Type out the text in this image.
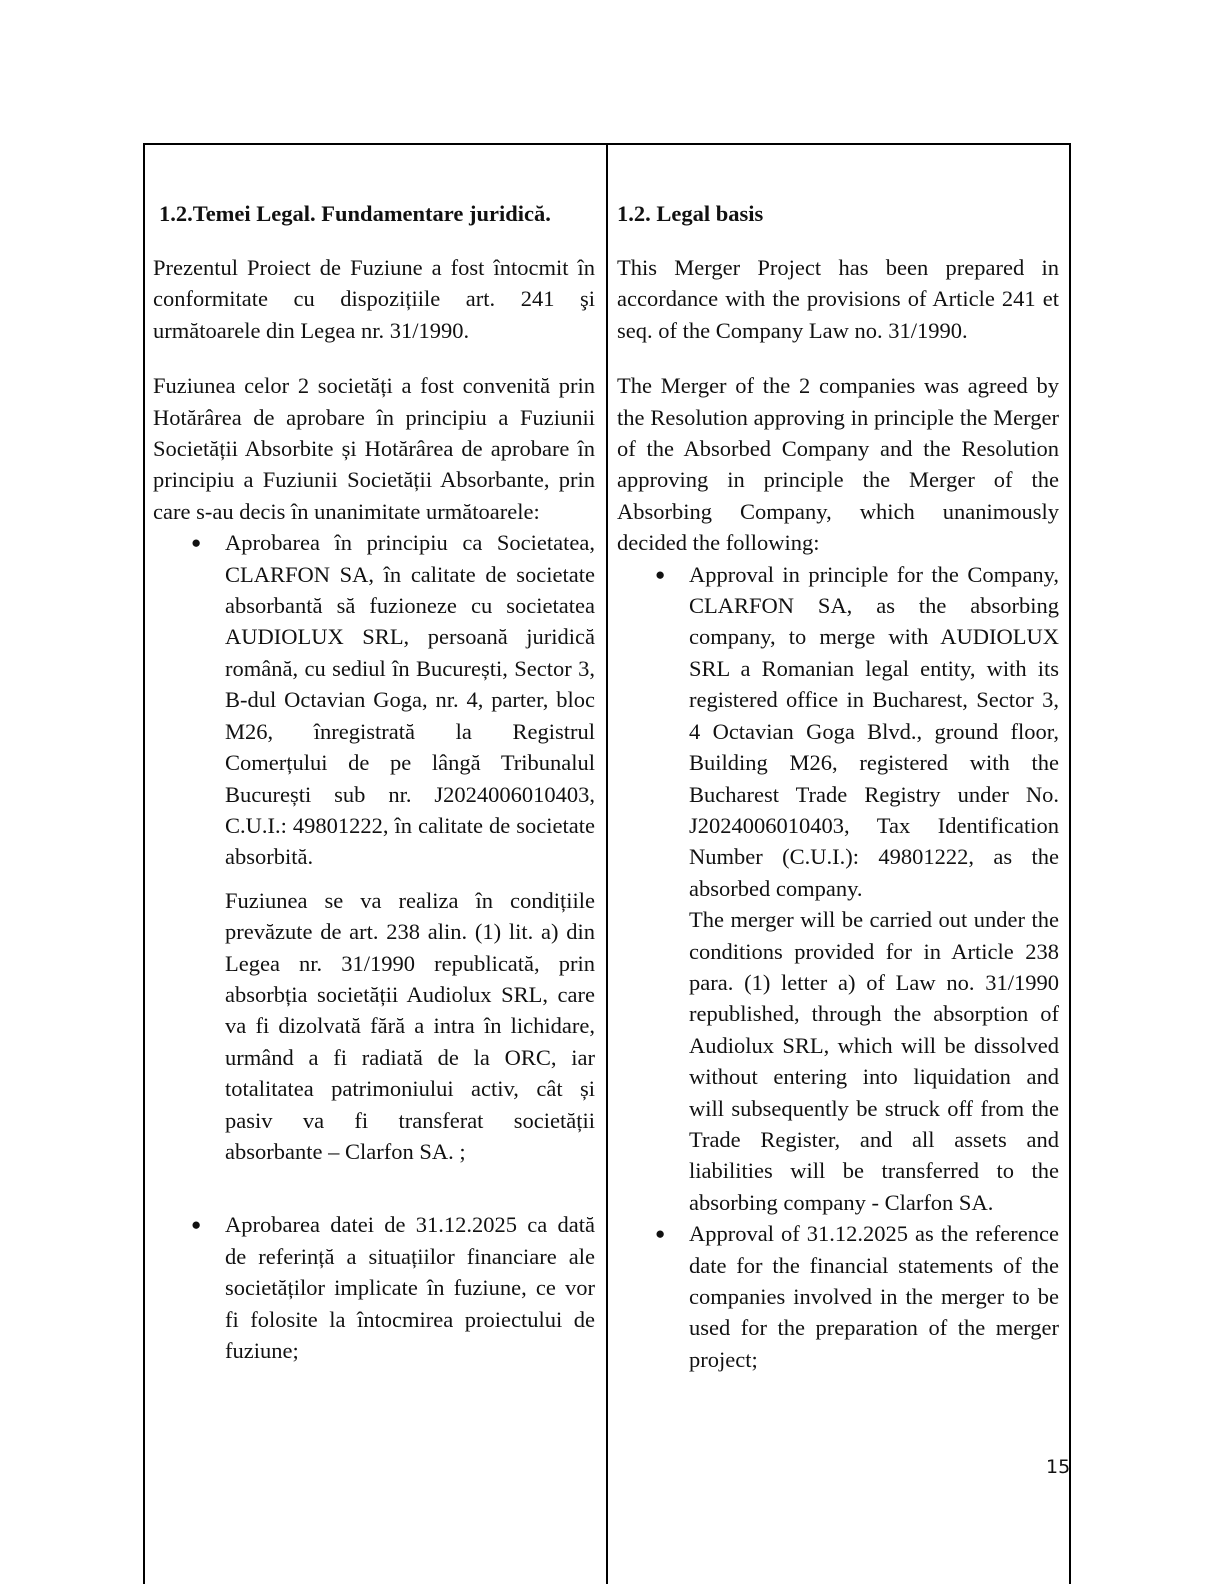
1.2.Temei Legal. Fundamentare juridică.

Prezentul Proiect de Fuziune a fost întocmit în conformitate cu dispozițiile art. 241 şi următoarele din Legea nr. 31/1990.

Fuziunea celor 2 societăți a fost convenită prin Hotărârea de aprobare în principiu a Fuziunii Societății Absorbite și Hotărârea de aprobare în principiu a Fuziunii Societății Absorbante, prin care s-au decis în unanimitate următoarele:

● Aprobarea în principiu ca Societatea, CLARFON SA, în calitate de societate absorbantă să fuzioneze cu societatea AUDIOLUX SRL, persoană juridică română, cu sediul în București, Sector 3, B-dul Octavian Goga, nr. 4, parter, bloc M26, înregistrată la Registrul Comerțului de pe lângă Tribunalul București sub nr. J2024006010403, C.U.I.: 49801222, în calitate de societate absorbită.

Fuziunea se va realiza în condițiile prevăzute de art. 238 alin. (1) lit. a) din Legea nr. 31/1990 republicată, prin absorbția societății Audiolux SRL, care va fi dizolvată fără a intra în lichidare, urmând a fi radiată de la ORC, iar totalitatea patrimoniului activ, cât și pasiv va fi transferat societății absorbante – Clarfon SA. ;

● Aprobarea datei de 31.12.2025 ca dată de referință a situațiilor financiare ale societăților implicate în fuziune, ce vor fi folosite la întocmirea proiectului de fuziune;

1.2. Legal basis

This Merger Project has been prepared in accordance with the provisions of Article 241 et seq. of the Company Law no. 31/1990.

The Merger of the 2 companies was agreed by the Resolution approving in principle the Merger of the Absorbed Company and the Resolution approving in principle the Merger of the Absorbing Company, which unanimously decided the following:

● Approval in principle for the Company, CLARFON SA, as the absorbing company, to merge with AUDIOLUX SRL a Romanian legal entity, with its registered office in Bucharest, Sector 3, 4 Octavian Goga Blvd., ground floor, Building M26, registered with the Bucharest Trade Registry under No. J2024006010403, Tax Identification Number (C.U.I.): 49801222, as the absorbed company.

The merger will be carried out under the conditions provided for in Article 238 para. (1) letter a) of Law no. 31/1990 republished, through the absorption of Audiolux SRL, which will be dissolved without entering into liquidation and will subsequently be struck off from the Trade Register, and all assets and liabilities will be transferred to the absorbing company - Clarfon SA.

● Approval of 31.12.2025 as the reference date for the financial statements of the companies involved in the merger to be used for the preparation of the merger project;

15
